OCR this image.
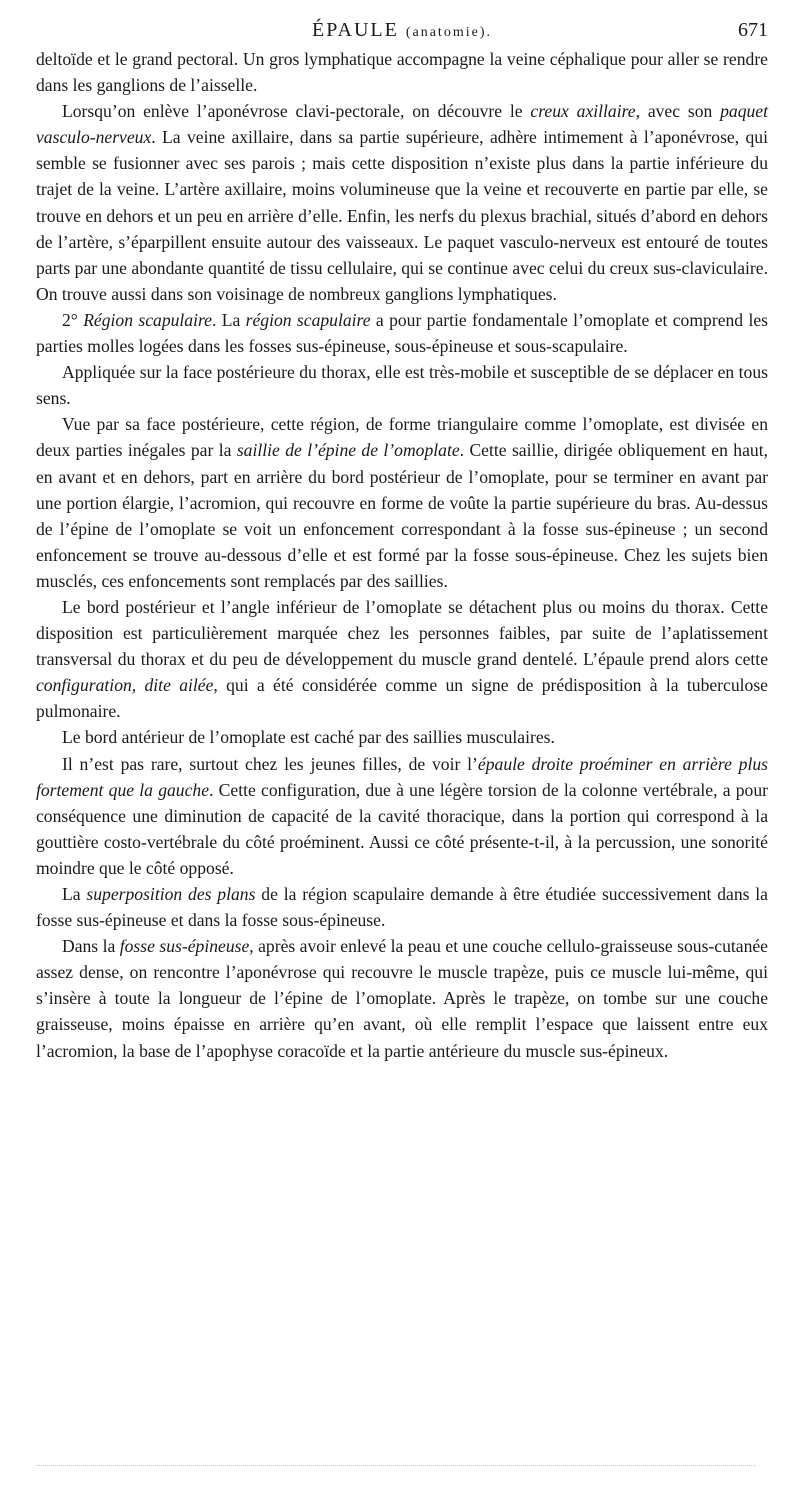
ÉPAULE (anatomie).	671

deltoïde et le grand pectoral. Un gros lymphatique accompagne la veine céphalique pour aller se rendre dans les ganglions de l’aisselle.

Lorsqu’on enlève l’aponévrose clavi-pectorale, on découvre le creux axillaire, avec son paquet vasculo-nerveux. La veine axillaire, dans sa partie supérieure, adhère intimement à l’aponévrose, qui semble se fusionner avec ses parois ; mais cette disposition n’existe plus dans la partie inférieure du trajet de la veine. L’artère axillaire, moins volumineuse que la veine et recouverte en partie par elle, se trouve en dehors et un peu en arrière d’elle. Enfin, les nerfs du plexus brachial, situés d’abord en dehors de l’artère, s’éparpillent ensuite autour des vaisseaux. Le paquet vasculo-nerveux est entouré de toutes parts par une abondante quantité de tissu cellulaire, qui se continue avec celui du creux sus-claviculaire. On trouve aussi dans son voisinage de nombreux ganglions lymphatiques.

2° Région scapulaire. La région scapulaire a pour partie fondamentale l’omoplate et comprend les parties molles logées dans les fosses sus-épineuse, sous-épineuse et sous-scapulaire.

Appliquée sur la face postérieure du thorax, elle est très-mobile et susceptible de se déplacer en tous sens.

Vue par sa face postérieure, cette région, de forme triangulaire comme l’omoplate, est divisée en deux parties inégales par la saillie de l’épine de l’omoplate. Cette saillie, dirigée obliquement en haut, en avant et en dehors, part en arrière du bord postérieur de l’omoplate, pour se terminer en avant par une portion élargie, l’acromion, qui recouvre en forme de voûte la partie supérieure du bras. Au-dessus de l’épine de l’omoplate se voit un enfoncement correspondant à la fosse sus-épineuse ; un second enfoncement se trouve au-dessous d’elle et est formé par la fosse sous-épineuse. Chez les sujets bien musclés, ces enfoncements sont remplacés par des saillies.

Le bord postérieur et l’angle inférieur de l’omoplate se détachent plus ou moins du thorax. Cette disposition est particulièrement marquée chez les personnes faibles, par suite de l’aplatissement transversal du thorax et du peu de développement du muscle grand dentelé. L’épaule prend alors cette configuration, dite ailée, qui a été considérée comme un signe de prédisposition à la tuberculose pulmonaire.

Le bord antérieur de l’omoplate est caché par des saillies musculaires.

Il n’est pas rare, surtout chez les jeunes filles, de voir l’épaule droite proéminer en arrière plus fortement que la gauche. Cette configuration, due à une légère torsion de la colonne vertébrale, a pour conséquence une diminution de capacité de la cavité thoracique, dans la portion qui correspond à la gouttière costo-vertébrale du côté proéminent. Aussi ce côté présente-t-il, à la percussion, une sonorité moindre que le côté opposé.

La superposition des plans de la région scapulaire demande à être étudiée successivement dans la fosse sus-épineuse et dans la fosse sous-épineuse.

Dans la fosse sus-épineuse, après avoir enlevé la peau et une couche cellulo-graisseuse sous-cutanée assez dense, on rencontre l’aponévrose qui recouvre le muscle trapèze, puis ce muscle lui-même, qui s’insère à toute la longueur de l’épine de l’omoplate. Après le trapèze, on tombe sur une couche graisseuse, moins épaisse en arrière qu’en avant, où elle remplit l’espace que laissent entre eux l’acromion, la base de l’apophyse coracoïde et la partie antérieure du muscle sus-épineux.
